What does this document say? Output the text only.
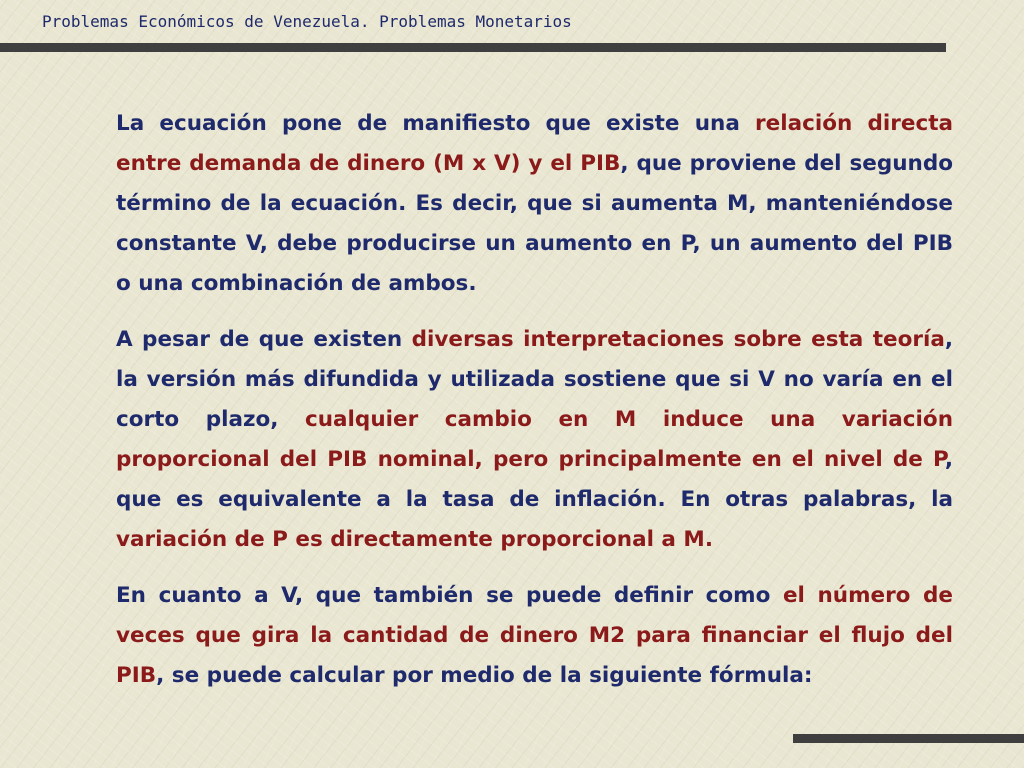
Problemas Económicos de Venezuela. Problemas Monetarios

La ecuación pone de manifiesto que existe una relación directa entre demanda de dinero (M x V) y el PIB, que proviene del segundo término de la ecuación. Es decir, que si aumenta M, manteniéndose constante V, debe producirse un aumento en P, un aumento del PIB o una combinación de ambos.

A pesar de que existen diversas interpretaciones sobre esta teoría, la versión más difundida y utilizada sostiene que si V no varía en el corto plazo, cualquier cambio en M induce una variación proporcional del PIB nominal, pero principalmente en el nivel de P, que es equivalente a la tasa de inflación. En otras palabras, la variación de P es directamente proporcional a M.

En cuanto a V, que también se puede definir como el número de veces que gira la cantidad de dinero M2 para financiar el flujo del PIB, se puede calcular por medio de la siguiente fórmula:
